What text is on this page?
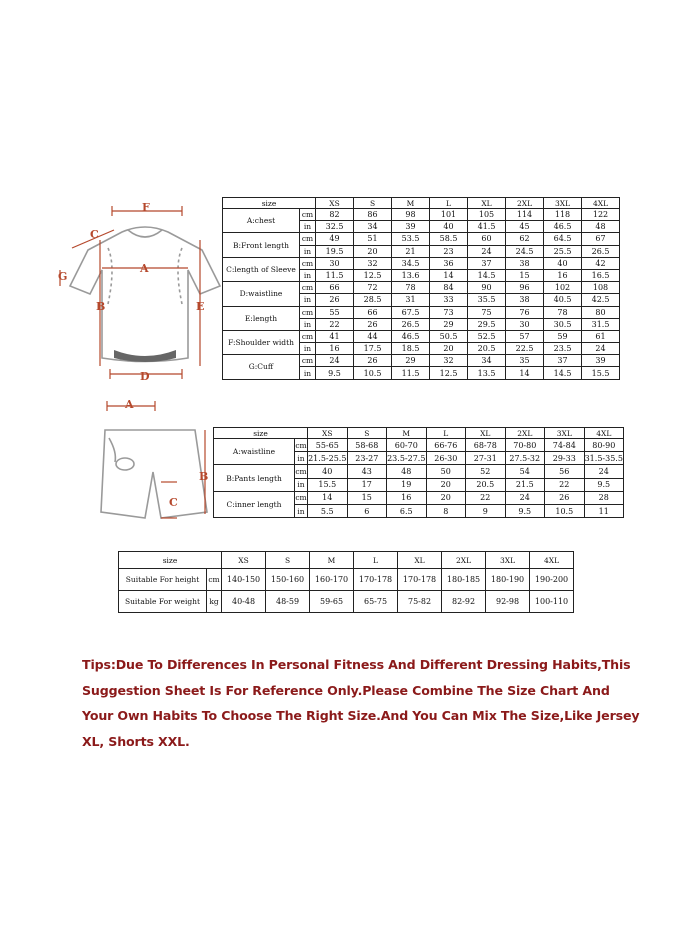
F
C
G
A
B	E
D
A
B
C
size		XS	S	M	L	XL	2XL	3XL	4XL
A:chest	cm	82	86	98	101	105	114	118	122
	in	32.5	34	39	40	41.5	45	46.5	48
B:Front length	cm	49	51	53.5	58.5	60	62	64.5	67
	in	19.5	20	21	23	24	24.5	25.5	26.5
C:length of Sleeve	cm	30	32	34.5	36	37	38	40	42
	in	11.5	12.5	13.6	14	14.5	15	16	16.5
D:waistline	cm	66	72	78	84	90	96	102	108
	in	26	28.5	31	33	35.5	38	40.5	42.5
E:length	cm	55	66	67.5	73	75	76	78	80
	in	22	26	26.5	29	29.5	30	30.5	31.5
F:Shoulder width	cm	41	44	46.5	50.5	52.5	57	59	61
	in	16	17.5	18.5	20	20.5	22.5	23.5	24
G:Cuff	cm	24	26	29	32	34	35	37	39
	in	9.5	10.5	11.5	12.5	13.5	14	14.5	15.5
size		XS	S	M	L	XL	2XL	3XL	4XL
A:waistline	cm	55-65	58-68	60-70	66-76	68-78	70-80	74-84	80-90
	in	21.5-25.5	23-27	23.5-27.5	26-30	27-31	27.5-32	29-33	31.5-35.5
B:Pants length	cm	40	43	48	50	52	54	56	24
	in	15.5	17	19	20	20.5	21.5	22	9.5
C:inner length	cm	14	15	16	20	22	24	26	28
	in	5.5	6	6.5	8	9	9.5	10.5	11
size		XS	S	M	L	XL	2XL	3XL	4XL
Suitable For height	cm	140-150	150-160	160-170	170-178	170-178	180-185	180-190	190-200
Suitable For weight	kg	40-48	48-59	59-65	65-75	75-82	82-92	92-98	100-110
Tips:Due To Differences In Personal Fitness And Different Dressing Habits,This Suggestion Sheet Is For Reference Only.Please Combine The Size Chart And Your Own Habits To Choose The Right Size.And You Can Mix The Size,Like Jersey XL, Shorts XXL.
